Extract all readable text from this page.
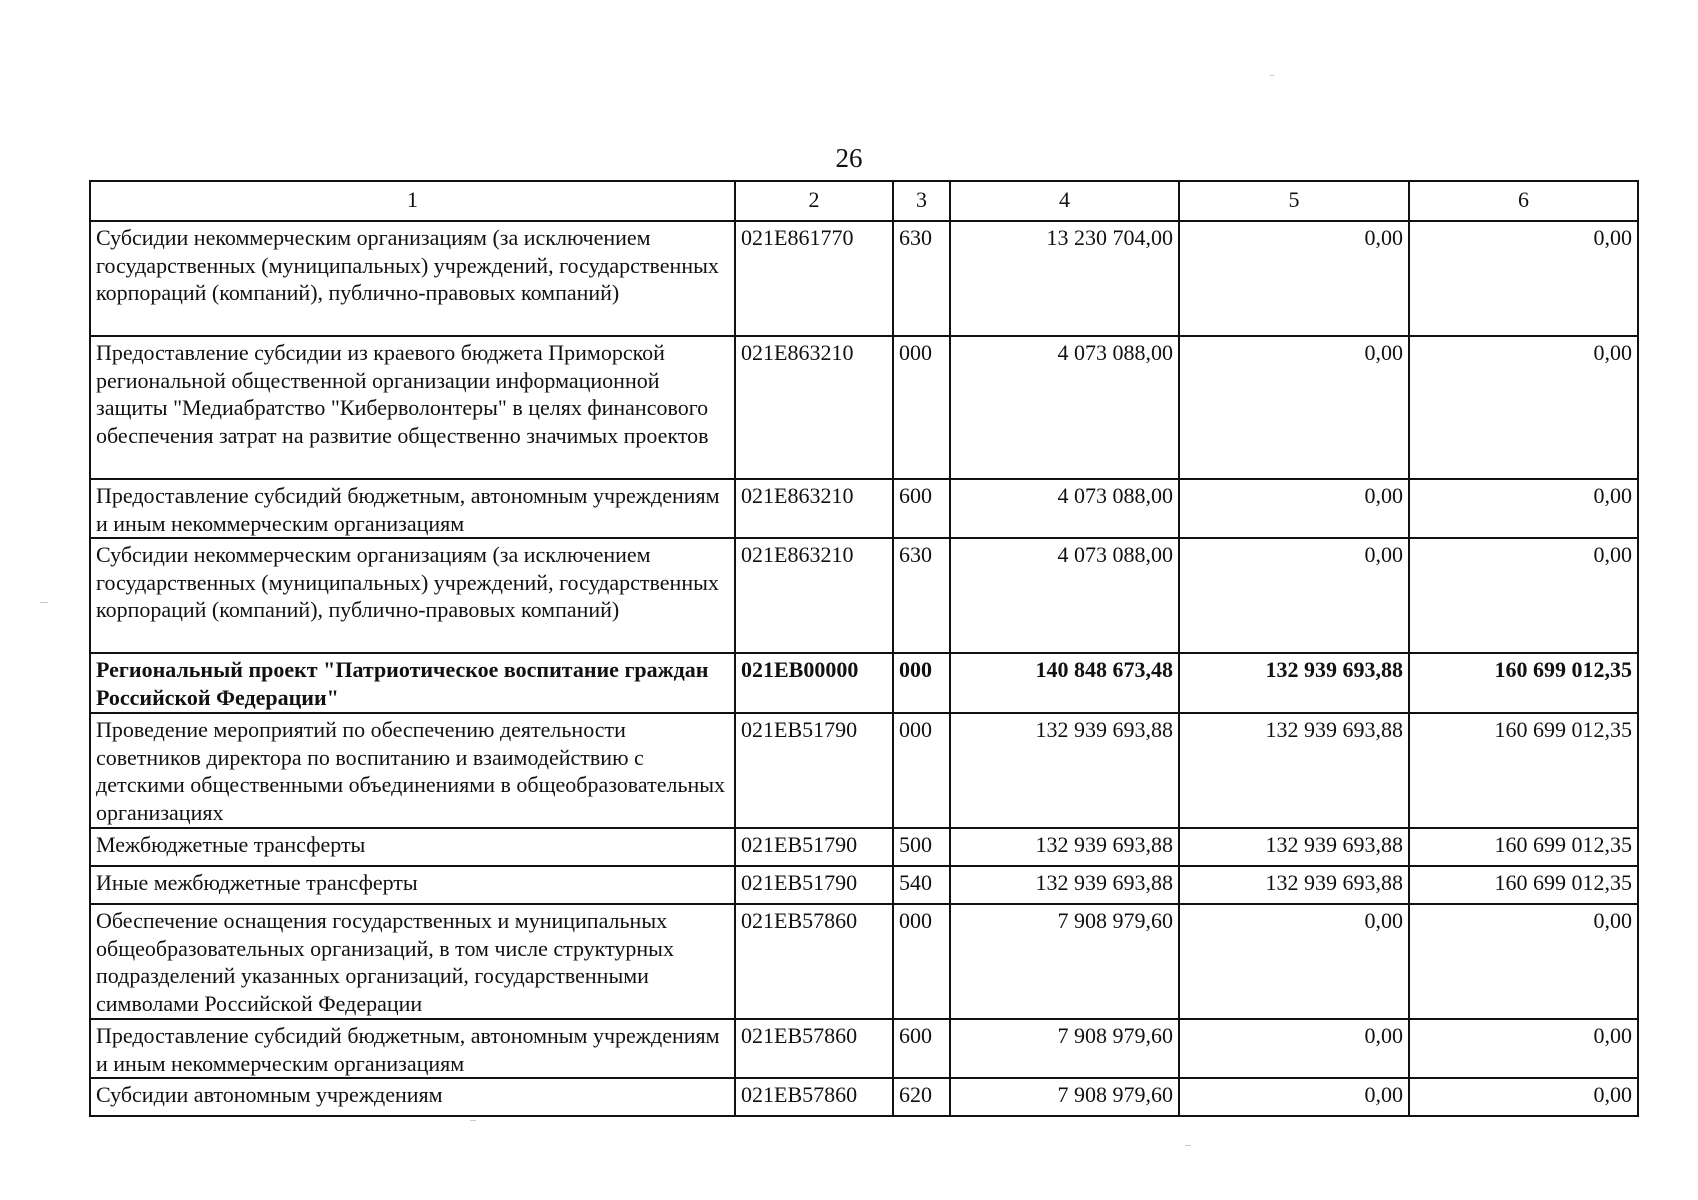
26
1	2	3	4	5	6
Субсидии некоммерческим организациям (за исключением государственных (муниципальных) учреждений, государственных корпораций (компаний), публично-правовых компаний)	021E861770	630	13 230 704,00	0,00	0,00
Предоставление субсидии из краевого бюджета Приморской региональной общественной организации информационной защиты "Медиабратство "Киберволонтеры" в целях финансового обеспечения затрат на развитие общественно значимых проектов	021E863210	000	4 073 088,00	0,00	0,00
Предоставление субсидий бюджетным, автономным учреждениям и иным некоммерческим организациям	021E863210	600	4 073 088,00	0,00	0,00
Субсидии некоммерческим организациям (за исключением государственных (муниципальных) учреждений, государственных корпораций (компаний), публично-правовых компаний)	021E863210	630	4 073 088,00	0,00	0,00
Региональный проект "Патриотическое воспитание граждан Российской Федерации"	021EB00000	000	140 848 673,48	132 939 693,88	160 699 012,35
Проведение мероприятий по обеспечению деятельности советников директора по воспитанию и взаимодействию с детскими общественными объединениями в общеобразовательных организациях	021EB51790	000	132 939 693,88	132 939 693,88	160 699 012,35
Межбюджетные трансферты	021EB51790	500	132 939 693,88	132 939 693,88	160 699 012,35
Иные межбюджетные трансферты	021EB51790	540	132 939 693,88	132 939 693,88	160 699 012,35
Обеспечение оснащения государственных и муниципальных общеобразовательных организаций, в том числе структурных подразделений указанных организаций, государственными символами Российской Федерации	021EB57860	000	7 908 979,60	0,00	0,00
Предоставление субсидий бюджетным, автономным учреждениям и иным некоммерческим организациям	021EB57860	600	7 908 979,60	0,00	0,00
Субсидии автономным учреждениям	021EB57860	620	7 908 979,60	0,00	0,00
